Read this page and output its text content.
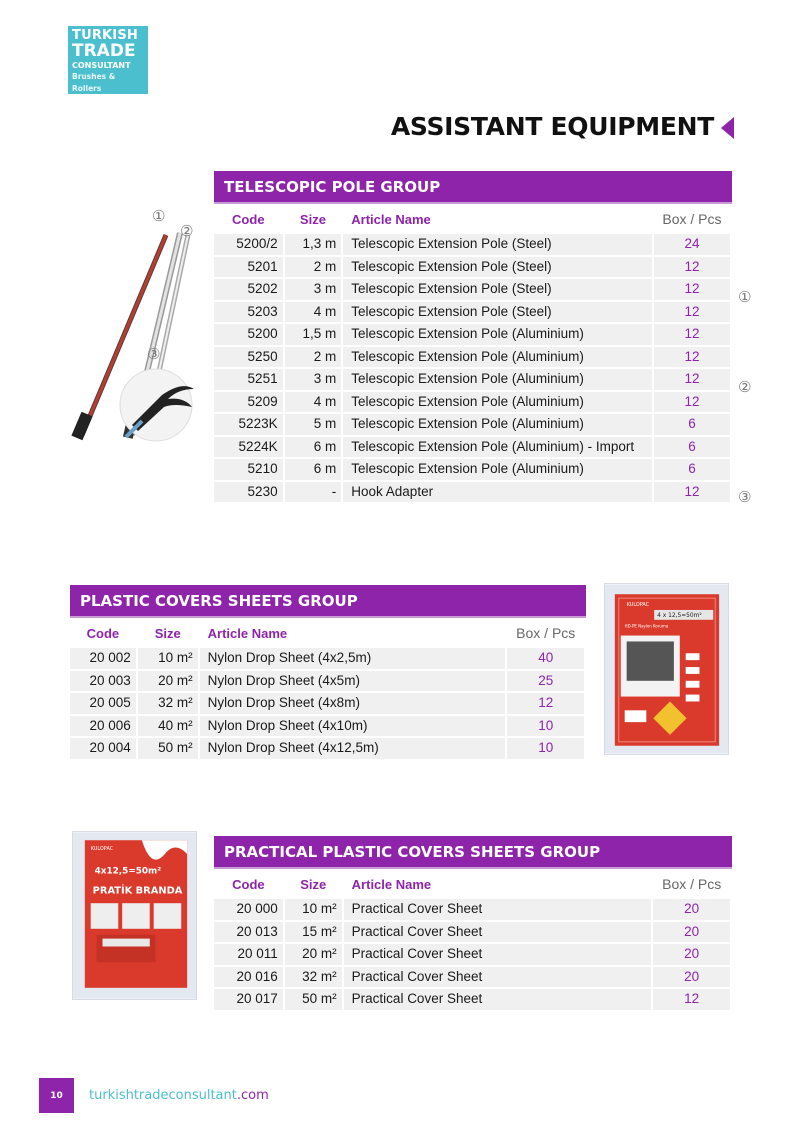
TURKISH
TRADE
CONSULTANT
Brushes & Rollers
ASSISTANT EQUIPMENT
①
②
③
①
②
③
TELESCOPIC POLE GROUP
Code	Size	Article Name	Box / Pcs
5200/2	1,3 m	Telescopic Extension Pole (Steel)	24
5201	2 m	Telescopic Extension Pole (Steel)	12
5202	3 m	Telescopic Extension Pole (Steel)	12
5203	4 m	Telescopic Extension Pole (Steel)	12
5200	1,5 m	Telescopic Extension Pole (Aluminium)	12
5250	2 m	Telescopic Extension Pole (Aluminium)	12
5251	3 m	Telescopic Extension Pole (Aluminium)	12
5209	4 m	Telescopic Extension Pole (Aluminium)	12
5223K	5 m	Telescopic Extension Pole (Aluminium)	6
5224K	6 m	Telescopic Extension Pole (Aluminium) - Import	6
5210	6 m	Telescopic Extension Pole (Aluminium)	6
5230	-	Hook Adapter	12
PLASTIC COVERS SHEETS GROUP
Code	Size	Article Name	Box / Pcs
20 002	10 m²	Nylon Drop Sheet (4x2,5m)	40
20 003	20 m²	Nylon Drop Sheet (4x5m)	25
20 005	32 m²	Nylon Drop Sheet (4x8m)	12
20 006	40 m²	Nylon Drop Sheet (4x10m)	10
20 004	50 m²	Nylon Drop Sheet (4x12,5m)	10
KULOPAC
4 x 12,5=50m²
HD-PE Naylon Koruma
KULOPAC
4x12,5=50m²
PRATİK BRANDA
PRACTICAL PLASTIC COVERS SHEETS GROUP
Code	Size	Article Name	Box / Pcs
20 000	10 m²	Practical Cover Sheet	20
20 013	15 m²	Practical Cover Sheet	20
20 011	20 m²	Practical Cover Sheet	20
20 016	32 m²	Practical Cover Sheet	20
20 017	50 m²	Practical Cover Sheet	12
10	turkishtradeconsultant.com
